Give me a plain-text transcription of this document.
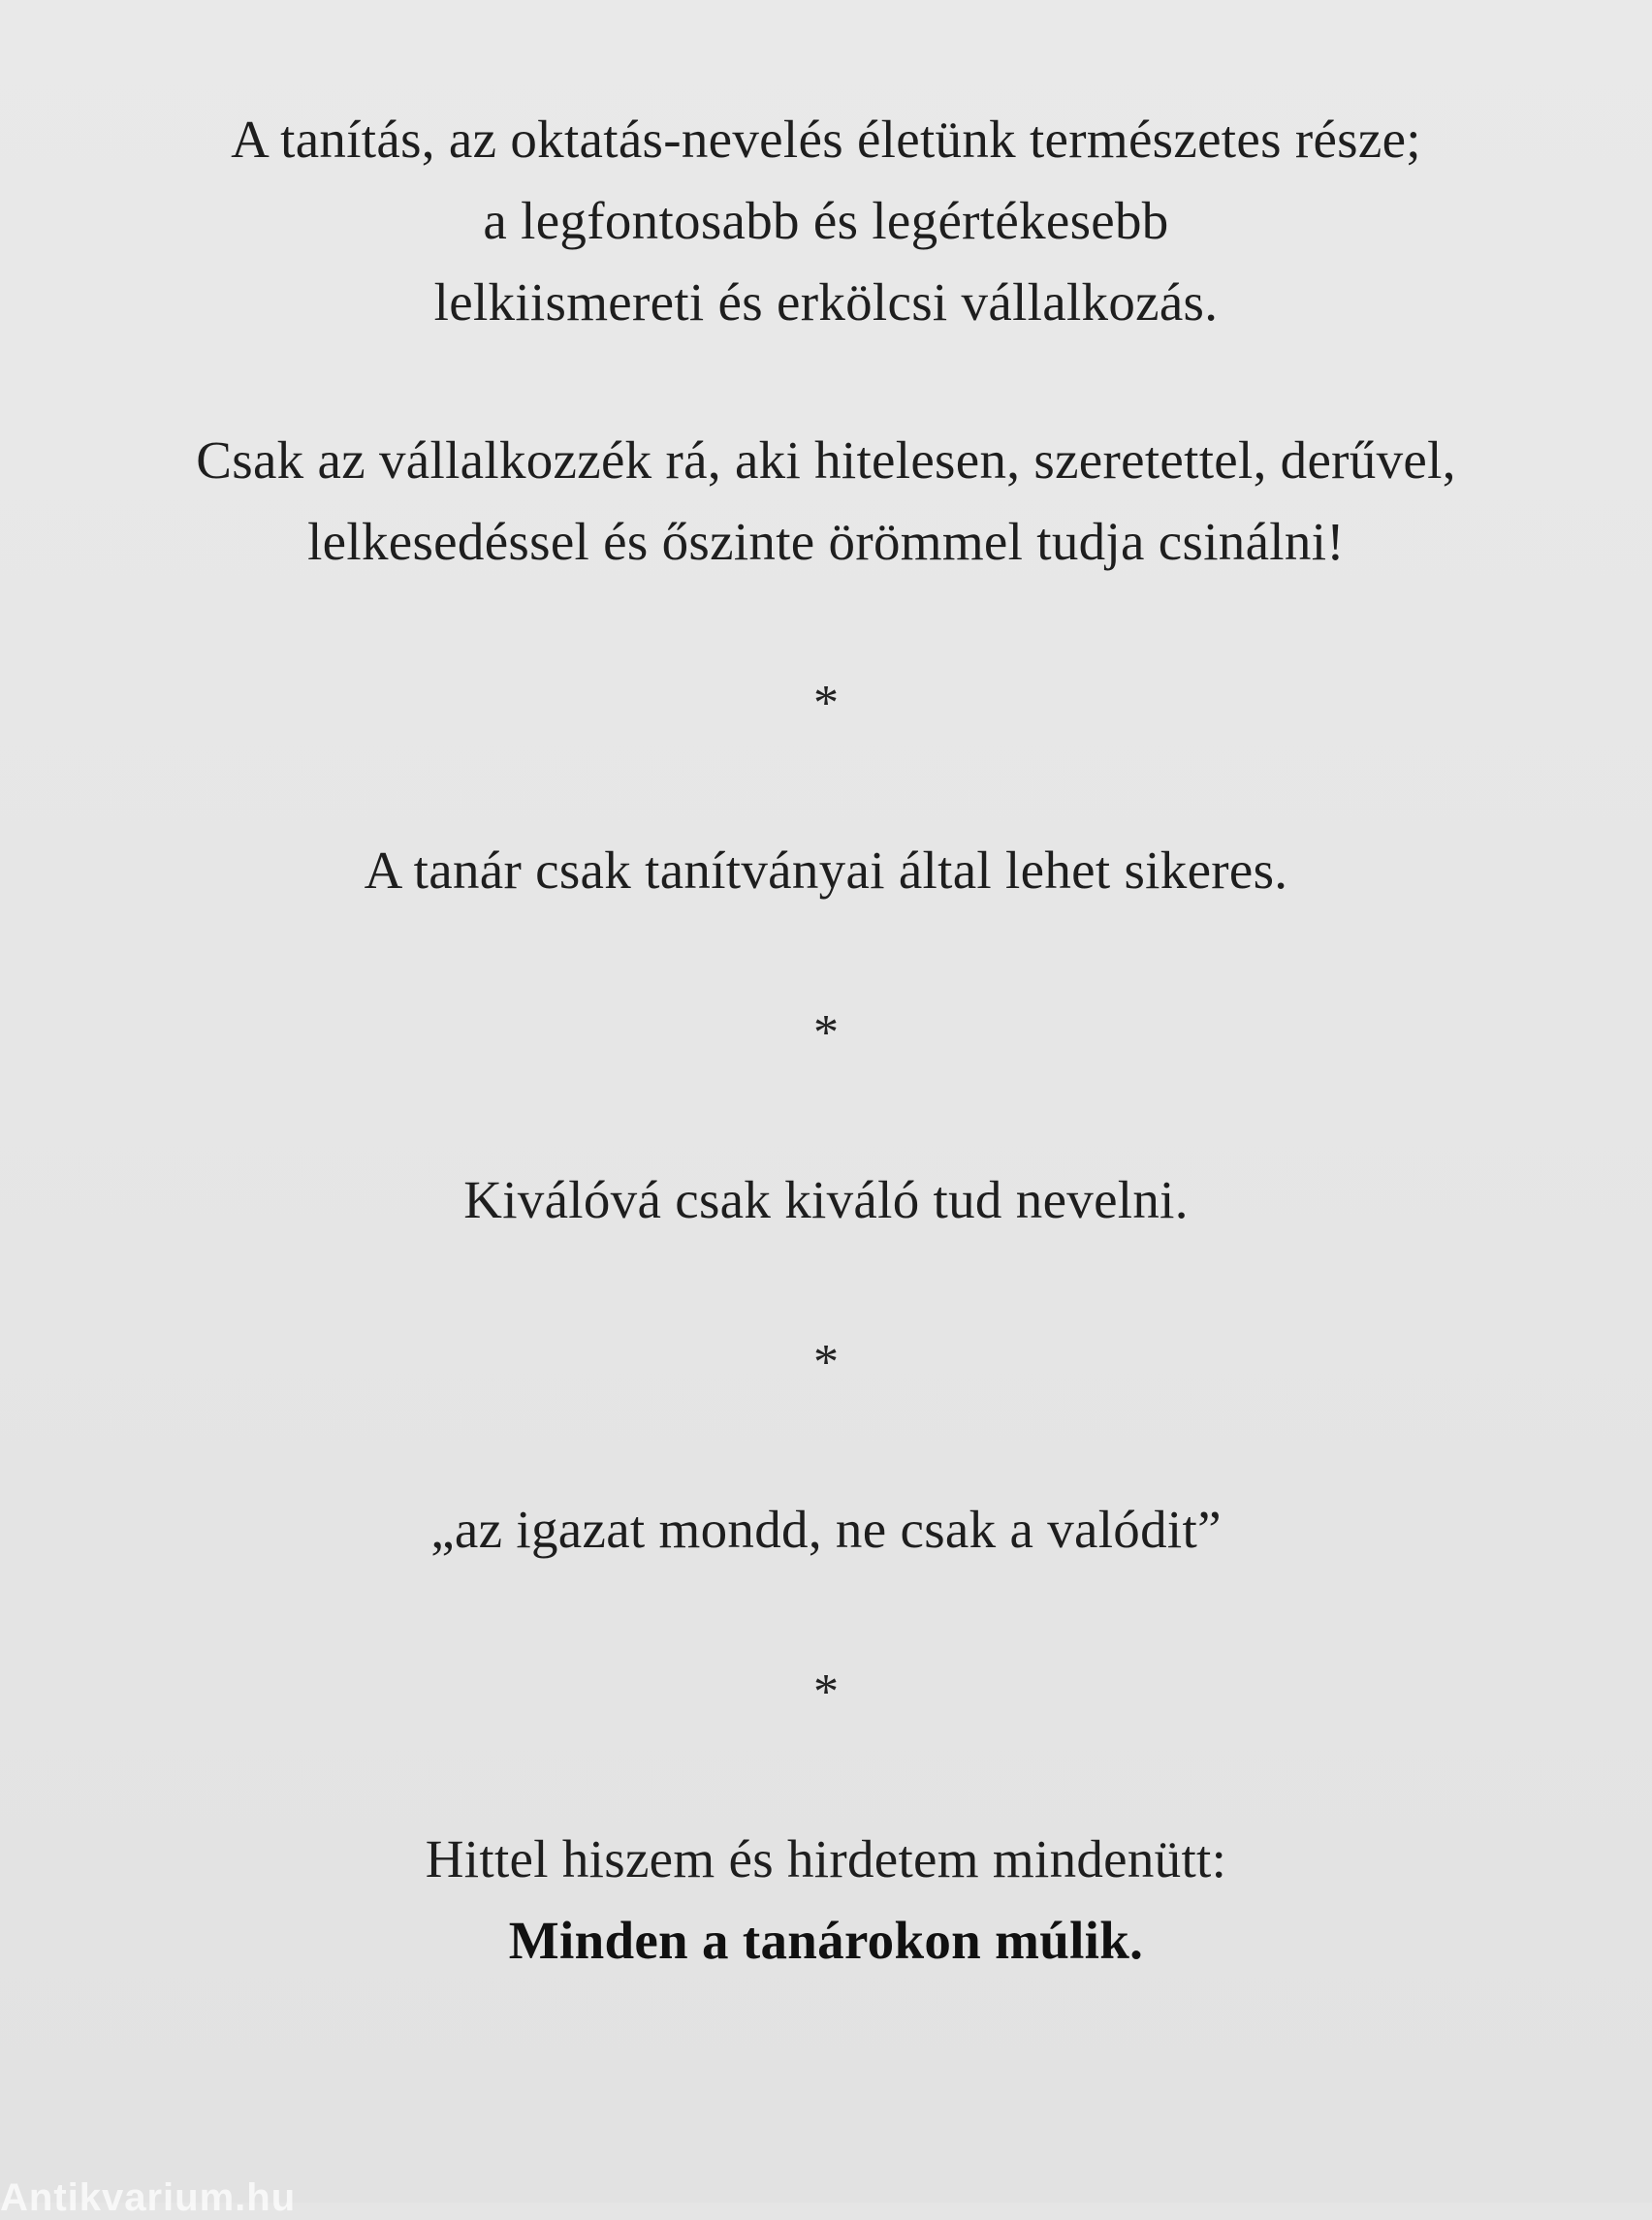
A tanítás, az oktatás-nevelés életünk természetes része;
a legfontosabb és legértékesebb
lelkiismereti és erkölcsi vállalkozás.
Csak az vállalkozzék rá, aki hitelesen, szeretettel, derűvel,
lelkesedéssel és őszinte örömmel tudja csinálni!
*
A tanár csak tanítványai által lehet sikeres.
*
Kiválóvá csak kiváló tud nevelni.
*
„az igazat mondd, ne csak a valódit”
*
Hittel hiszem és hirdetem mindenütt:
Minden a tanárokon múlik.
Antikvarium.hu
